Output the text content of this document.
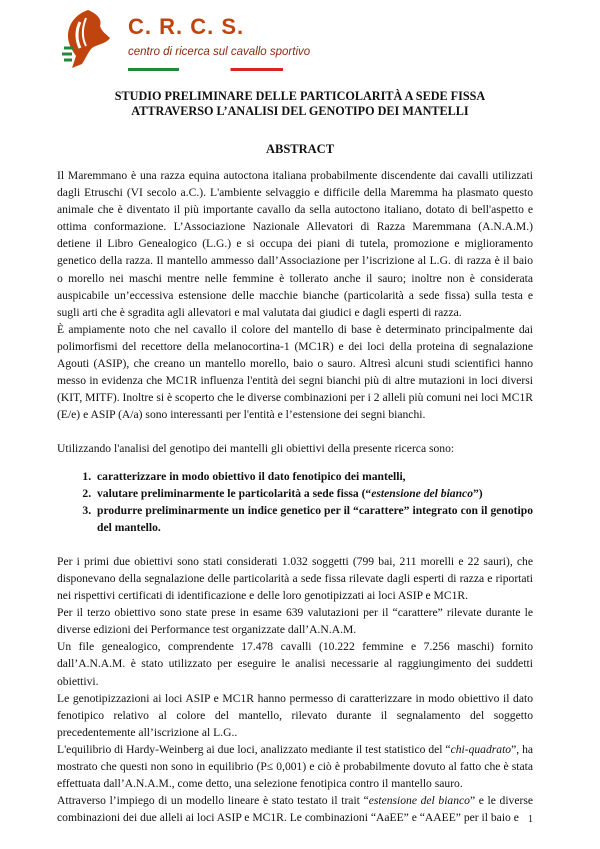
C. R. C. S.
centro di ricerca sul cavallo sportivo
STUDIO PRELIMINARE DELLE PARTICOLARITÀ A SEDE FISSA
ATTRAVERSO L’ANALISI DEL GENOTIPO DEI MANTELLI
ABSTRACT

Il Maremmano è una razza equina autoctona italiana probabilmente discendente dai cavalli utilizzati dagli Etruschi (VI secolo a.C.). L'ambiente selvaggio e difficile della Maremma ha plasmato questo animale che è diventato il più importante cavallo da sella autoctono italiano, dotato di bell'aspetto e ottima conformazione. L’Associazione Nazionale Allevatori di Razza Maremmana (A.N.A.M.) detiene il Libro Genealogico (L.G.) e si occupa dei piani di tutela, promozione e miglioramento genetico della razza. Il mantello ammesso dall’Associazione per l’iscrizione al L.G. di razza è il baio o morello nei maschi mentre nelle femmine è tollerato anche il sauro; inoltre non è considerata auspicabile un’eccessiva estensione delle macchie bianche (particolarità a sede fissa) sulla testa e sugli arti che è sgradita agli allevatori e mal valutata dai giudici e dagli esperti di razza.

È ampiamente noto che nel cavallo il colore del mantello di base è determinato principalmente dai polimorfismi del recettore della melanocortina-1 (MC1R) e dei loci della proteina di segnalazione Agouti (ASIP), che creano un mantello morello, baio o sauro. Altresì alcuni studi scientifici hanno messo in evidenza che MC1R influenza l'entità dei segni bianchi più di altre mutazioni in loci diversi (KIT, MITF). Inoltre si è scoperto che le diverse combinazioni per i 2 alleli più comuni nei loci MC1R (E/e) e ASIP (A/a) sono interessanti per l'entità e l’estensione dei segni bianchi.

Utilizzando l'analisi del genotipo dei mantelli gli obiettivi della presente ricerca sono:

1. caratterizzare in modo obiettivo il dato fenotipico dei mantelli,
2. valutare preliminarmente le particolarità a sede fissa (“estensione del bianco”)
3. produrre preliminarmente un indice genetico per il “carattere” integrato con il genotipo del mantello.

Per i primi due obiettivi sono stati considerati 1.032 soggetti (799 bai, 211 morelli e 22 sauri), che disponevano della segnalazione delle particolarità a sede fissa rilevate dagli esperti di razza e riportati nei rispettivi certificati di identificazione e delle loro genotipizzati ai loci ASIP e MC1R.

Per il terzo obiettivo sono state prese in esame 639 valutazioni per il “carattere” rilevate durante le diverse edizioni dei Performance test organizzate dall’A.N.A.M.

Un file genealogico, comprendente 17.478 cavalli (10.222 femmine e 7.256 maschi) fornito dall’A.N.A.M. è stato utilizzato per eseguire le analisi necessarie al raggiungimento dei suddetti obiettivi.

Le genotipizzazioni ai loci ASIP e MC1R hanno permesso di caratterizzare in modo obiettivo il dato fenotipico relativo al colore del mantello, rilevato durante il segnalamento del soggetto precedentemente all’iscrizione al L.G..

L'equilibrio di Hardy-Weinberg ai due loci, analizzato mediante il test statistico del “chi-quadrato”, ha mostrato che questi non sono in equilibrio (P≤ 0,001) e ciò è probabilmente dovuto al fatto che è stata effettuata dall’A.N.A.M., come detto, una selezione fenotipica contro il mantello sauro.

Attraverso l’impiego di un modello lineare è stato testato il trait “estensione del bianco” e le diverse combinazioni dei due alleli ai loci ASIP e MC1R. Le combinazioni “AaEE” e “AAEE” per il baio e 1
